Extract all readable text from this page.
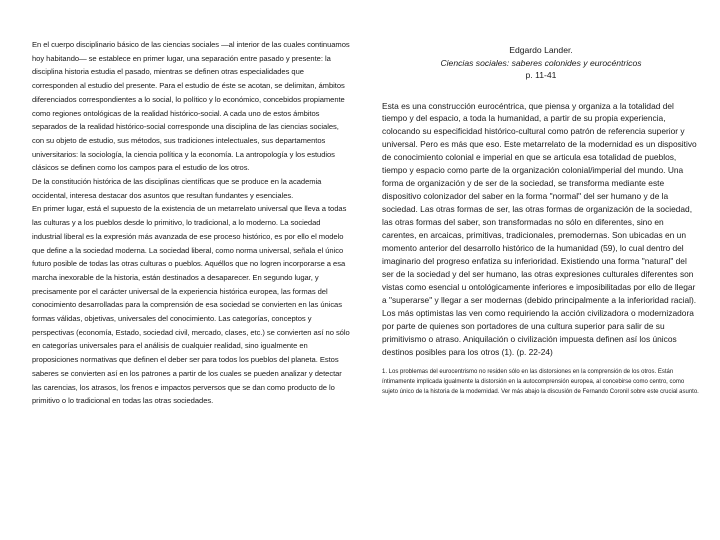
En el cuerpo disciplinario básico de las ciencias sociales —al interior de las cuales continuamos hoy habitando— se establece en primer lugar, una separación entre pasado y presente: la disciplina historia estudia el pasado, mientras se definen otras especialidades que corresponden al estudio del presente. Para el estudio de éste se acotan, se delimitan, ámbitos diferenciados correspondientes a lo social, lo político y lo económico, concebidos propiamente como regiones ontológicas de la realidad histórico-social. A cada uno de estos ámbitos separados de la realidad histórico-social corresponde una disciplina de las ciencias sociales, con su objeto de estudio, sus métodos, sus tradiciones intelectuales, sus departamentos universitarios: la sociología, la ciencia política y la economía. La antropología y los estudios clásicos se definen como los campos para el estudio de los otros.

De la constitución histórica de las disciplinas científicas que se produce en la academia occidental, interesa destacar dos asuntos que resultan fundantes y esenciales.

En primer lugar, está el supuesto de la existencia de un metarrelato universal que lleva a todas las culturas y a los pueblos desde lo primitivo, lo tradicional, a lo moderno. La sociedad industrial liberal es la expresión más avanzada de ese proceso histórico, es por ello el modelo que define a la sociedad moderna. La sociedad liberal, como norma universal, señala el único futuro posible de todas las otras culturas o pueblos. Aquéllos que no logren incorporarse a esa marcha inexorable de la historia, están destinados a desaparecer. En segundo lugar, y precisamente por el carácter universal de la experiencia histórica europea, las formas del conocimiento desarrolladas para la comprensión de esa sociedad se convierten en las únicas formas válidas, objetivas, universales del conocimiento. Las categorías, conceptos y perspectivas (economía, Estado, sociedad civil, mercado, clases, etc.) se convierten así no sólo en categorías universales para el análisis de cualquier realidad, sino igualmente en proposiciones normativas que definen el deber ser para todos los pueblos del planeta. Estos saberes se convierten así en los patrones a partir de los cuales se pueden analizar y detectar las carencias, los atrasos, los frenos e impactos perversos que se dan como producto de lo primitivo o lo tradicional en todas las otras sociedades.

Edgardo Lander.
Ciencias sociales: saberes colonides y eurocéntricos
p. 11-41

Esta es una construcción eurocéntrica, que piensa y organiza a la totalidad del tiempo y del espacio, a toda la humanidad, a partir de su propia experiencia, colocando su especificidad histórico-cultural como patrón de referencia superior y universal. Pero es más que eso. Este metarrelato de la modernidad es un dispositivo de conocimiento colonial e imperial en que se articula esa totalidad de pueblos, tiempo y espacio como parte de la organización colonial/imperial del mundo. Una forma de organización y de ser de la sociedad, se transforma mediante este dispositivo colonizador del saber en la forma "normal" del ser humano y de la sociedad. Las otras formas de ser, las otras formas de organización de la sociedad, las otras formas del saber, son transformadas no sólo en diferentes, sino en carentes, en arcaicas, primitivas, tradicionales, premodernas. Son ubicadas en un momento anterior del desarrollo histórico de la humanidad (59), lo cual dentro del imaginario del progreso enfatiza su inferioridad. Existiendo una forma "natural" del ser de la sociedad y del ser humano, las otras expresiones culturales diferentes son vistas como esencial u ontológicamente inferiores e imposibilitadas por ello de llegar a "superarse" y llegar a ser modernas (debido principalmente a la inferioridad racial). Los más optimistas las ven como requiriendo la acción civilizadora o modernizadora por parte de quienes son portadores de una cultura superior para salir de su primitivismo o atraso. Aniquilación o civilización impuesta definen así los únicos destinos posibles para los otros (1). (p. 22-24)

1. Los problemas del eurocentrismo no residen sólo en las distorsiones en la comprensión de los otros. Están íntimamente implicada igualmente la distorsión en la autocomprensión europea, al concebirse como centro, como sujeto único de la historia de la modernidad. Ver más abajo la discusión de Fernando Coronil sobre este crucial asunto.
